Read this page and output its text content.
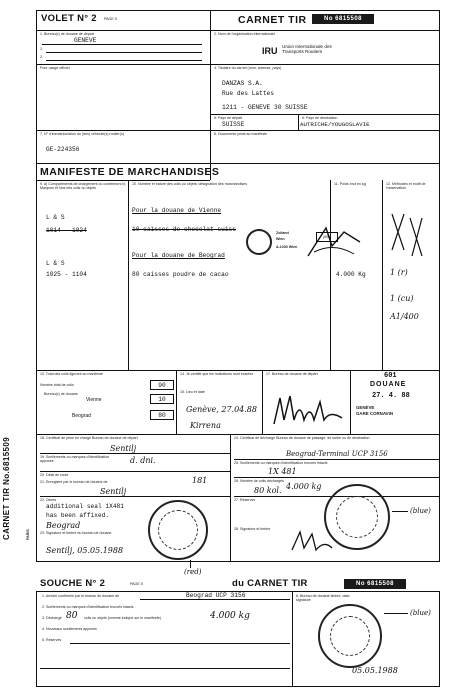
VOLET N° 2 PAGE 5	CARNET TIR	No 6815508
1. Bureau(x) de douane de départ
GENEVE
1.
2.
2. Nom de l'organisation internationale
IRU Union Internationale des Transports Routiers
Pour usage officiel	4. Titulaire du carnet (nom, adresse, pays)
DANZAS S.A.
Rue des Lattes
1211 - GENEVE 30 SUISSE
5. Pays de départ
SUISSE
6. Pays de destination
AUTRICHE/YOUGOSLAVIE
7. N° d'immatriculation du (des) véhicule(s) routier(s)
GE-224356
8. Documents joints au manifeste
MANIFESTE DE MARCHANDISES
9. a) Compartiments de chargement ou conteneurs b) Marques et Nos des colis ou objets
10. Nombre et nature des colis ou objets; désignation des marchandises	11. Poids brut en kg	12. Méthodes et motif de l'observation
L & S
1014 - 1024
Pour la douane de Vienne
10 caisses de chocolat suiss
Pour la douane de Beograd
L & S
1025 - 1104	80 caisses poudre de cacao	4.000 Kg
Zollamt
Wien
A-1030 Wien
(900)
1 (r)
1 (cu)
A1/400
13. Total des colis figurant au manifeste
Nombre total de colis	90
Bureau(x) de douane
Vienne	10
Beograd	80
14. Je certifie que les indications sont exactes
15. Lieu et date
Genève, 27.04.88
Kirrena
17. Bureau de douane de départ	601
DOUANE
27. 4. 88
GENÈVE
GARE CORNAVIN
18. Certificat de prise en charge Bureau de douane de départ
Sentilj
19. Scellements ou marques d'identification apposés	d. dni.
20. Délai de route
181
21. Enregistré par le bureau de douane de
Sentilj
22. Divers
additional seal 1X481
has been affixed.
Beograd
23. Signature et timbre du bureau de douane
Sentilj, 05.05.1988
(red)
24. Certificat de décharge Bureau de douane de passage, de sortie ou de destination
Beograd-Terminal UCP 3156
25. Scellements ou marques d'identification trouvés intacts
1X 481
26. Nombre de colis déchargés
80 kol. 4.000 kg
27. Réserves
28. Signature et timbre
(blue)
CARNET TIR No.6815509	PARIS
SOUCHE N° 2	PAGE 5	du CARNET TIR	No 6815508
1. Arrivée confirmée par le bureau de douane de	Beograd UCP 3156
2. Scellements ou marques d'identification trouvés intacts
3. Déchargé 80 colis ou objets (comme indiqué sur le manifeste)	4.000 kg
4. Nouveaux scellements apposés
5. Réserves
6. Bureau de douane timbre, date, signature
05.05.1988
(blue)
